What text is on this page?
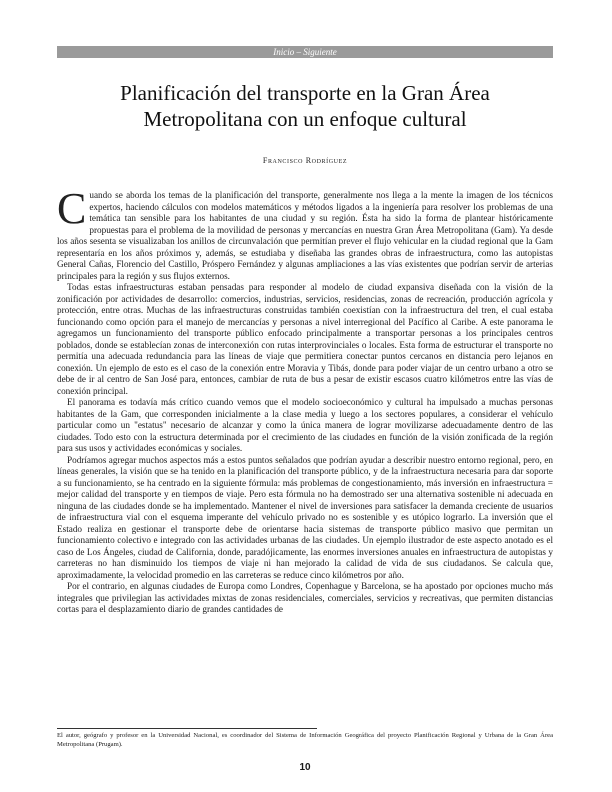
Inicio – Siguiente
Planificación del transporte en la Gran Área
Metropolitana con un enfoque cultural
Francisco Rodríguez

Cuando se aborda los temas de la planificación del transporte, generalmente nos llega a la mente la imagen de los técnicos expertos, haciendo cálculos con modelos matemáticos y métodos ligados a la ingeniería para resolver los problemas de una temática tan sensible para los habitantes de una ciudad y su región. Ésta ha sido la forma de plantear históricamente propuestas para el problema de la movilidad de personas y mercancías en nuestra Gran Área Metropolitana (Gam). Ya desde los años sesenta se visualizaban los anillos de circunvalación que permitían prever el flujo vehicular en la ciudad regional que la Gam representaría en los años próximos y, además, se estudiaba y diseñaba las grandes obras de infraestructura, como las autopistas General Cañas, Florencio del Castillo, Próspero Fernández y algunas ampliaciones a las vías existentes que podrían servir de arterias principales para la región y sus flujos externos.

Todas estas infraestructuras estaban pensadas para responder al modelo de ciudad expansiva diseñada con la visión de la zonificación por actividades de desarrollo: comercios, industrias, servicios, residencias, zonas de recreación, producción agrícola y protección, entre otras. Muchas de las infraestructuras construidas también coexistían con la infraestructura del tren, el cual estaba funcionando como opción para el manejo de mercancías y personas a nivel interregional del Pacífico al Caribe. A este panorama le agregamos un funcionamiento del transporte público enfocado principalmente a transportar personas a los principales centros poblados, donde se establecían zonas de interconexión con rutas interprovinciales o locales. Esta forma de estructurar el transporte no permitía una adecuada redundancia para las líneas de viaje que permitiera conectar puntos cercanos en distancia pero lejanos en conexión. Un ejemplo de esto es el caso de la conexión entre Moravia y Tibás, donde para poder viajar de un centro urbano a otro se debe de ir al centro de San José para, entonces, cambiar de ruta de bus a pesar de existir escasos cuatro kilómetros entre las vías de conexión principal.

El panorama es todavía más crítico cuando vemos que el modelo socioeconómico y cultural ha impulsado a muchas personas habitantes de la Gam, que corresponden inicialmente a la clase media y luego a los sectores populares, a considerar el vehículo particular como un "estatus" necesario de alcanzar y como la única manera de lograr movilizarse adecuadamente dentro de las ciudades. Todo esto con la estructura determinada por el crecimiento de las ciudades en función de la visión zonificada de la región para sus usos y actividades económicas y sociales.

Podríamos agregar muchos aspectos más a estos puntos señalados que podrían ayudar a describir nuestro entorno regional, pero, en líneas generales, la visión que se ha tenido en la planificación del transporte público, y de la infraestructura necesaria para dar soporte a su funcionamiento, se ha centrado en la siguiente fórmula: más problemas de congestionamiento, más inversión en infraestructura = mejor calidad del transporte y en tiempos de viaje. Pero esta fórmula no ha demostrado ser una alternativa sostenible ni adecuada en ninguna de las ciudades donde se ha implementado. Mantener el nivel de inversiones para satisfacer la demanda creciente de usuarios de infraestructura vial con el esquema imperante del vehículo privado no es sostenible y es utópico lograrlo. La inversión que el Estado realiza en gestionar el transporte debe de orientarse hacia sistemas de transporte público masivo que permitan un funcionamiento colectivo e integrado con las actividades urbanas de las ciudades. Un ejemplo ilustrador de este aspecto anotado es el caso de Los Ángeles, ciudad de California, donde, paradójicamente, las enormes inversiones anuales en infraestructura de autopistas y carreteras no han disminuido los tiempos de viaje ni han mejorado la calidad de vida de sus ciudadanos. Se calcula que, aproximadamente, la velocidad promedio en las carreteras se reduce cinco kilómetros por año.

Por el contrario, en algunas ciudades de Europa como Londres, Copenhague y Barcelona, se ha apostado por opciones mucho más integrales que privilegian las actividades mixtas de zonas residenciales, comerciales, servicios y recreativas, que permiten distancias cortas para el desplazamiento diario de grandes cantidades de

El autor, geógrafo y profesor en la Universidad Nacional, es coordinador del Sistema de Información Geográfica del proyecto Planificación Regional y Urbana de la Gran Área Metropolitana (Prugam).
10
